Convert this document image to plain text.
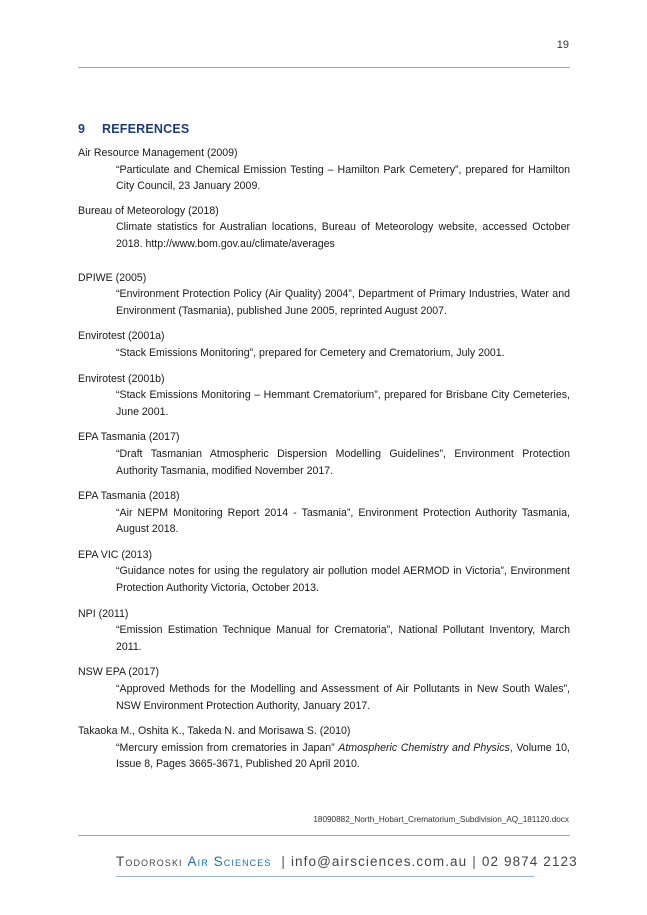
19
9 REFERENCES
Air Resource Management (2009)
“Particulate and Chemical Emission Testing – Hamilton Park Cemetery”, prepared for Hamilton City Council, 23 January 2009.
Bureau of Meteorology (2018)
Climate statistics for Australian locations, Bureau of Meteorology website, accessed October 2018. http://www.bom.gov.au/climate/averages
DPIWE (2005)
“Environment Protection Policy (Air Quality) 2004”, Department of Primary Industries, Water and Environment (Tasmania), published June 2005, reprinted August 2007.
Envirotest (2001a)
“Stack Emissions Monitoring”, prepared for Cemetery and Crematorium, July 2001.
Envirotest (2001b)
“Stack Emissions Monitoring – Hemmant Crematorium”, prepared for Brisbane City Cemeteries, June 2001.
EPA Tasmania (2017)
“Draft Tasmanian Atmospheric Dispersion Modelling Guidelines”, Environment Protection Authority Tasmania, modified November 2017.
EPA Tasmania (2018)
“Air NEPM Monitoring Report 2014 - Tasmania”, Environment Protection Authority Tasmania, August 2018.
EPA VIC (2013)
“Guidance notes for using the regulatory air pollution model AERMOD in Victoria”, Environment Protection Authority Victoria, October 2013.
NPI (2011)
“Emission Estimation Technique Manual for Crematoria”, National Pollutant Inventory, March 2011.
NSW EPA (2017)
“Approved Methods for the Modelling and Assessment of Air Pollutants in New South Wales”, NSW Environment Protection Authority, January 2017.
Takaoka M., Oshita K., Takeda N. and Morisawa S. (2010)
“Mercury emission from crematories in Japan” Atmospheric Chemistry and Physics, Volume 10, Issue 8, Pages 3665-3671, Published 20 April 2010.
18090882_North_Hobart_Crematorium_Subdivision_AQ_181120.docx
Todoroski Air Sciences | info@airsciences.com.au | 02 9874 2123
